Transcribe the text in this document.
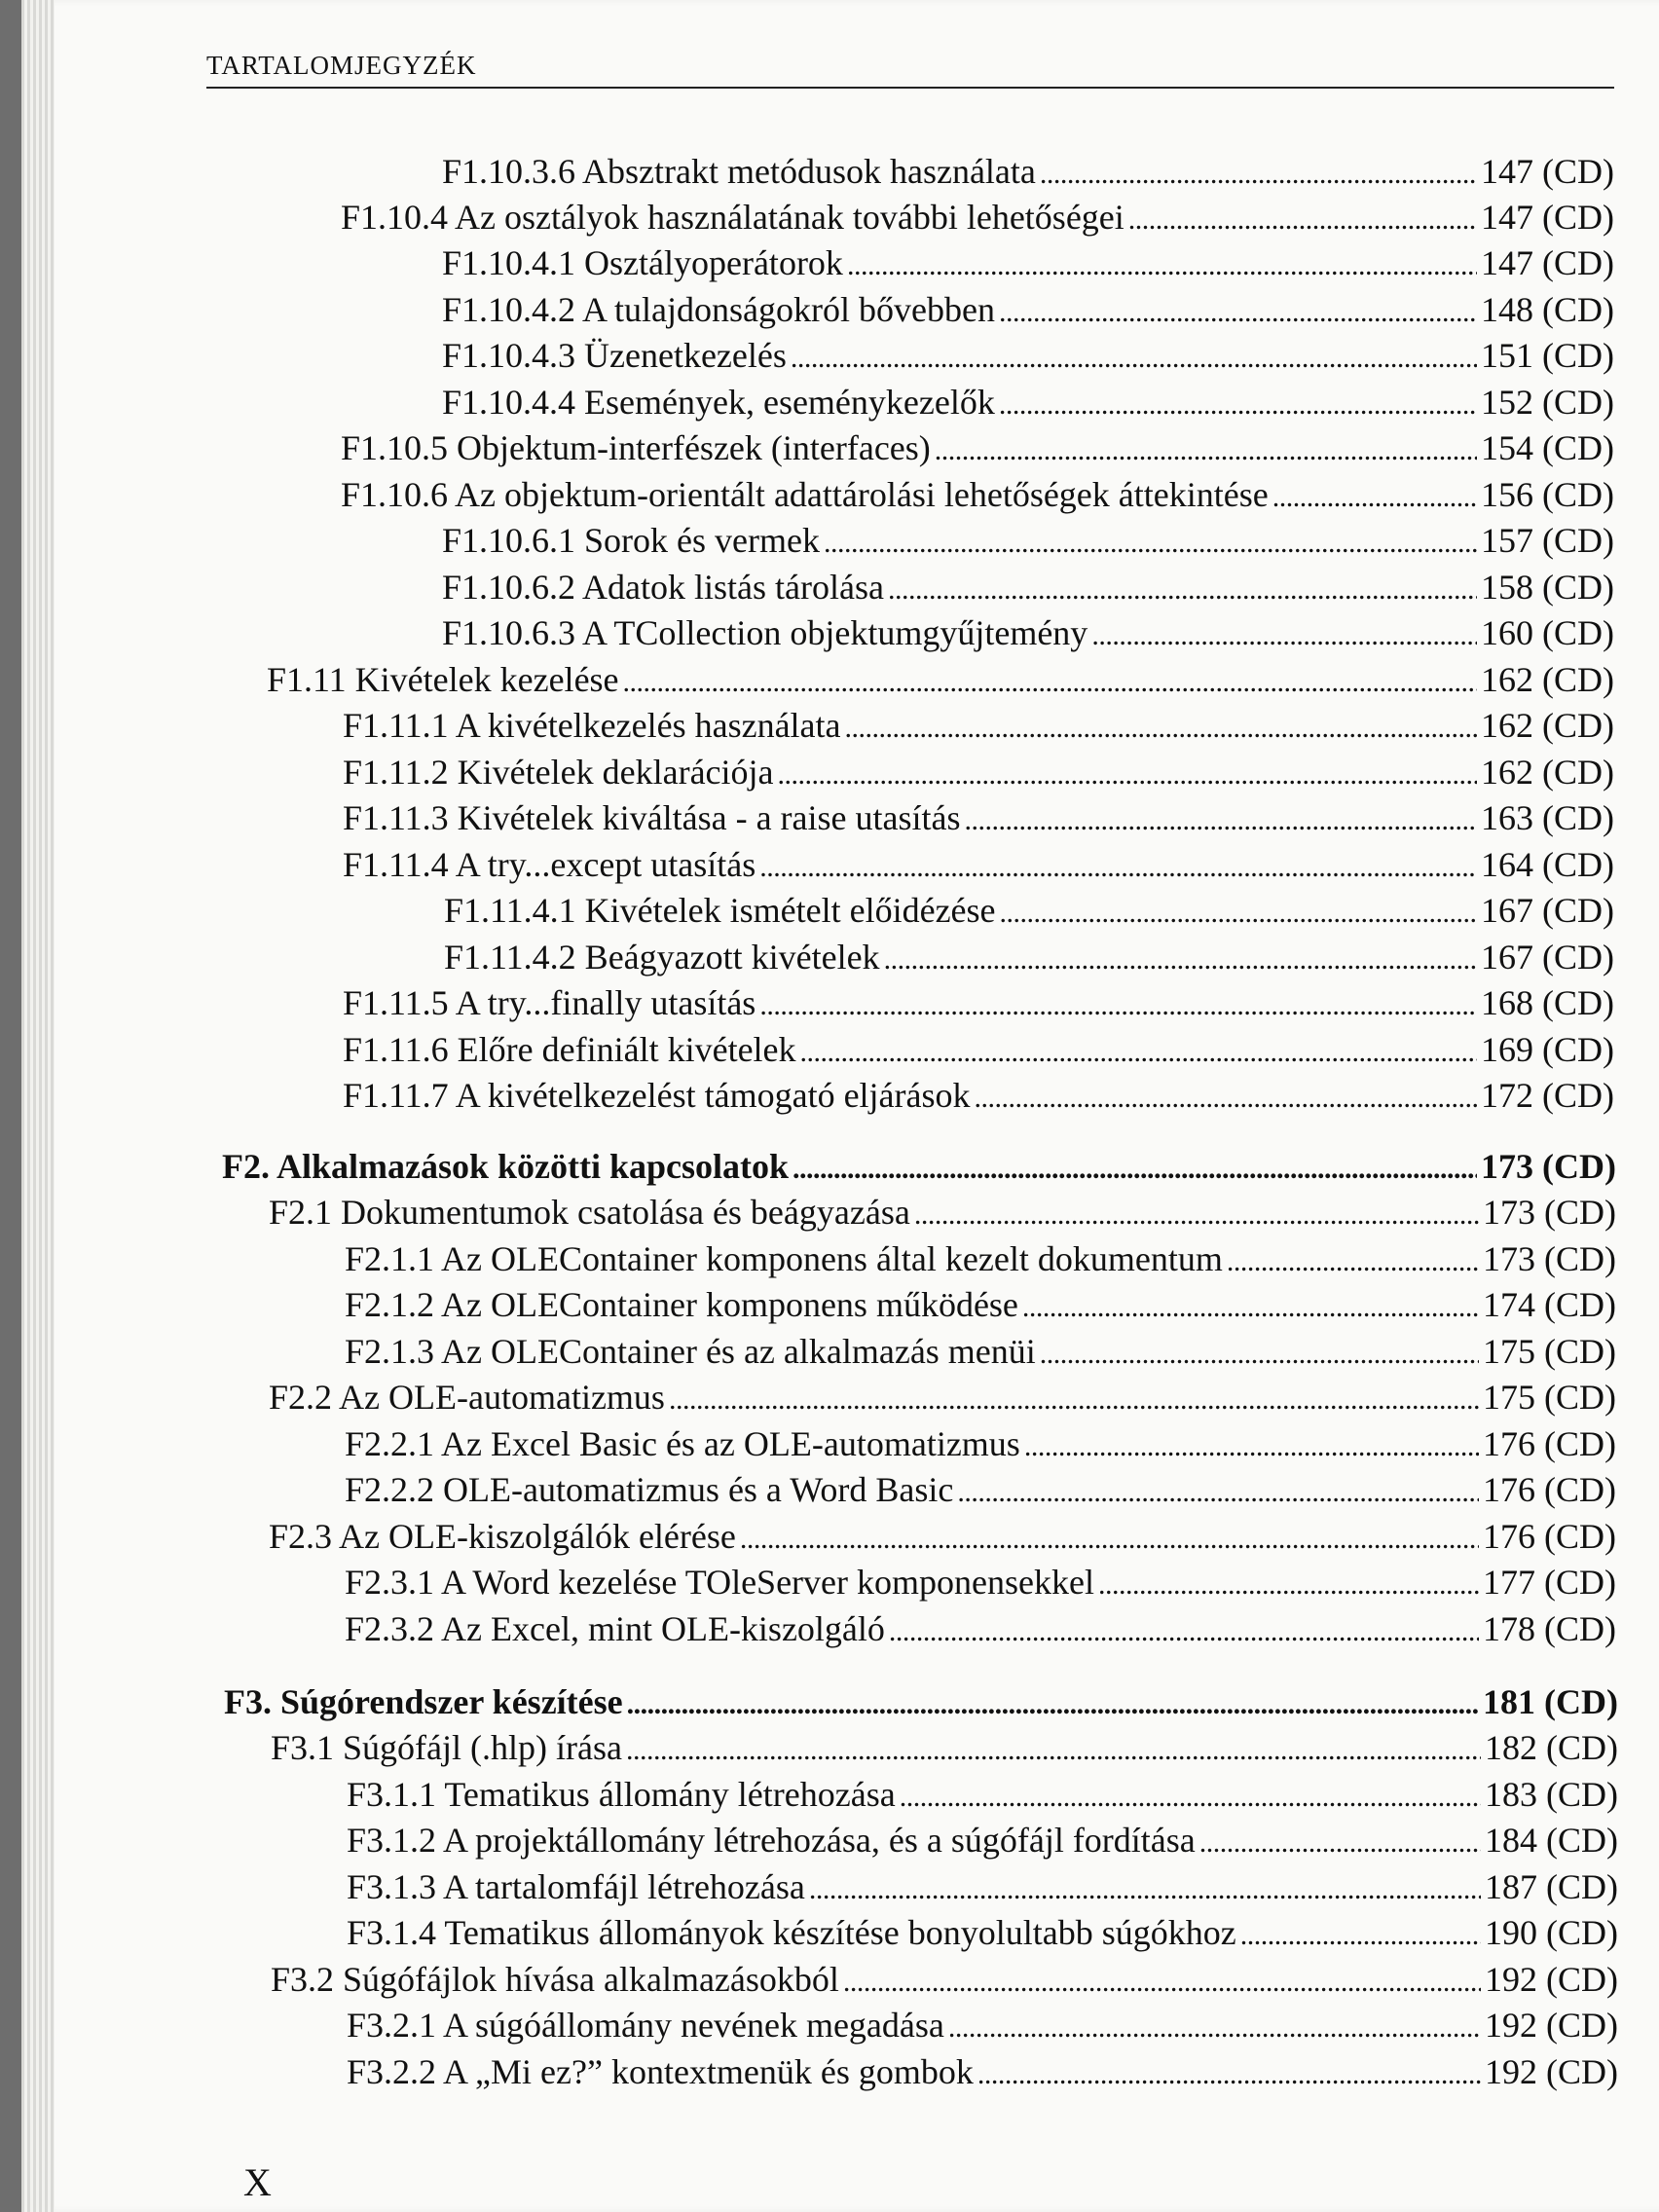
TARTALOMJEGYZÉK
F1.10.3.6 Absztrakt metódusok használata . . .	147 (CD)
F1.10.4 Az osztályok használatának további lehetőségei . . .	147 (CD)
F1.10.4.1 Osztályoperátorok . . .	147 (CD)
F1.10.4.2 A tulajdonságokról bővebben . . .	148 (CD)
F1.10.4.3 Üzenetkezelés . . .	151 (CD)
F1.10.4.4 Események, eseménykezelők . . .	152 (CD)
F1.10.5 Objektum-interfészek (interfaces) . . .	154 (CD)
F1.10.6 Az objektum-orientált adattárolási lehetőségek áttekintése . . .	156 (CD)
F1.10.6.1 Sorok és vermek . . .	157 (CD)
F1.10.6.2 Adatok listás tárolása . . .	158 (CD)
F1.10.6.3 A TCollection objektumgyűjtemény . . .	160 (CD)
F1.11 Kivételek kezelése . . .	162 (CD)
F1.11.1 A kivételkezelés használata . . .	162 (CD)
F1.11.2 Kivételek deklarációja . . .	162 (CD)
F1.11.3 Kivételek kiváltása - a raise utasítás . . .	163 (CD)
F1.11.4 A try...except utasítás . . .	164 (CD)
F1.11.4.1 Kivételek ismételt előidézése . . .	167 (CD)
F1.11.4.2 Beágyazott kivételek . . .	167 (CD)
F1.11.5 A try...finally utasítás . . .	168 (CD)
F1.11.6 Előre definiált kivételek . . .	169 (CD)
F1.11.7 A kivételkezelést támogató eljárások . . .	172 (CD)
F2. Alkalmazások közötti kapcsolatok . . .	173 (CD)
F2.1 Dokumentumok csatolása és beágyazása . . .	173 (CD)
F2.1.1 Az OLEContainer komponens által kezelt dokumentum . . .	173 (CD)
F2.1.2 Az OLEContainer komponens működése . . .	174 (CD)
F2.1.3 Az OLEContainer és az alkalmazás menüi . . .	175 (CD)
F2.2 Az OLE-automatizmus . . .	175 (CD)
F2.2.1 Az Excel Basic és az OLE-automatizmus . . .	176 (CD)
F2.2.2 OLE-automatizmus és a Word Basic . . .	176 (CD)
F2.3 Az OLE-kiszolgálók elérése . . .	176 (CD)
F2.3.1 A Word kezelése TOleServer komponensekkel . . .	177 (CD)
F2.3.2 Az Excel, mint OLE-kiszolgáló . . .	178 (CD)
F3. Súgórendszer készítése . . .	181 (CD)
F3.1 Súgófájl (.hlp) írása . . .	182 (CD)
F3.1.1 Tematikus állomány létrehozása . . .	183 (CD)
F3.1.2 A projektállomány létrehozása, és a súgófájl fordítása . . .	184 (CD)
F3.1.3 A tartalomfájl létrehozása . . .	187 (CD)
F3.1.4 Tematikus állományok készítése bonyolultabb súgókhoz . . .	190 (CD)
F3.2 Súgófájlok hívása alkalmazásokból . . .	192 (CD)
F3.2.1 A súgóállomány nevének megadása . . .	192 (CD)
F3.2.2 A „Mi ez?” kontextmenük és gombok . . .	192 (CD)
X
